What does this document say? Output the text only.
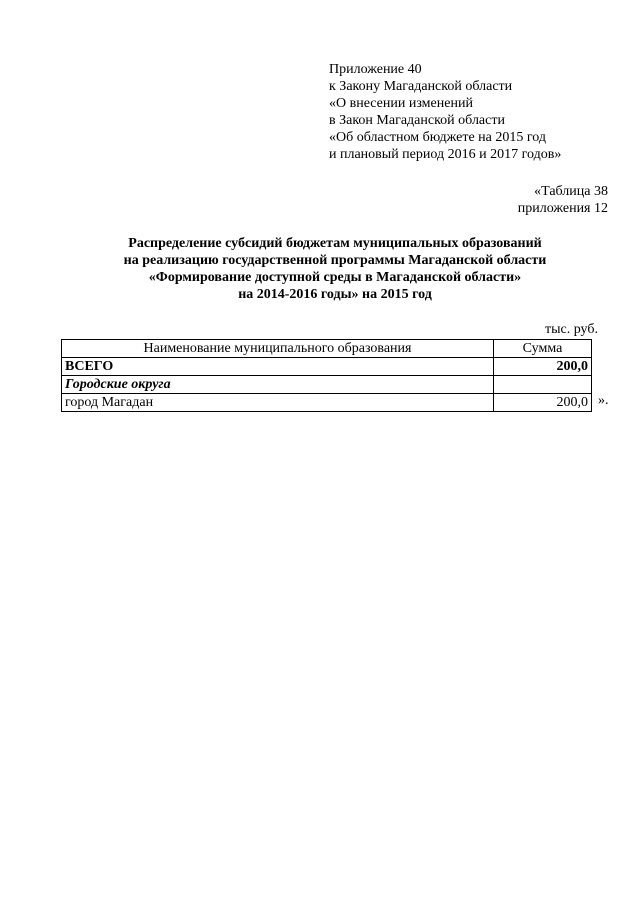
Приложение 40
к Закону Магаданской области
«О внесении изменений
в Закон Магаданской области
«Об областном бюджете на 2015 год
и плановый период 2016 и 2017 годов»
«Таблица 38
приложения 12
Распределение субсидий бюджетам муниципальных образований
на реализацию государственной программы Магаданской области
«Формирование доступной среды в Магаданской области»
на 2014-2016 годы» на 2015 год
тыс. руб.
Наименование муниципального образования	Сумма
ВСЕГО	200,0
Городские округа	
город Магадан	200,0 ».
